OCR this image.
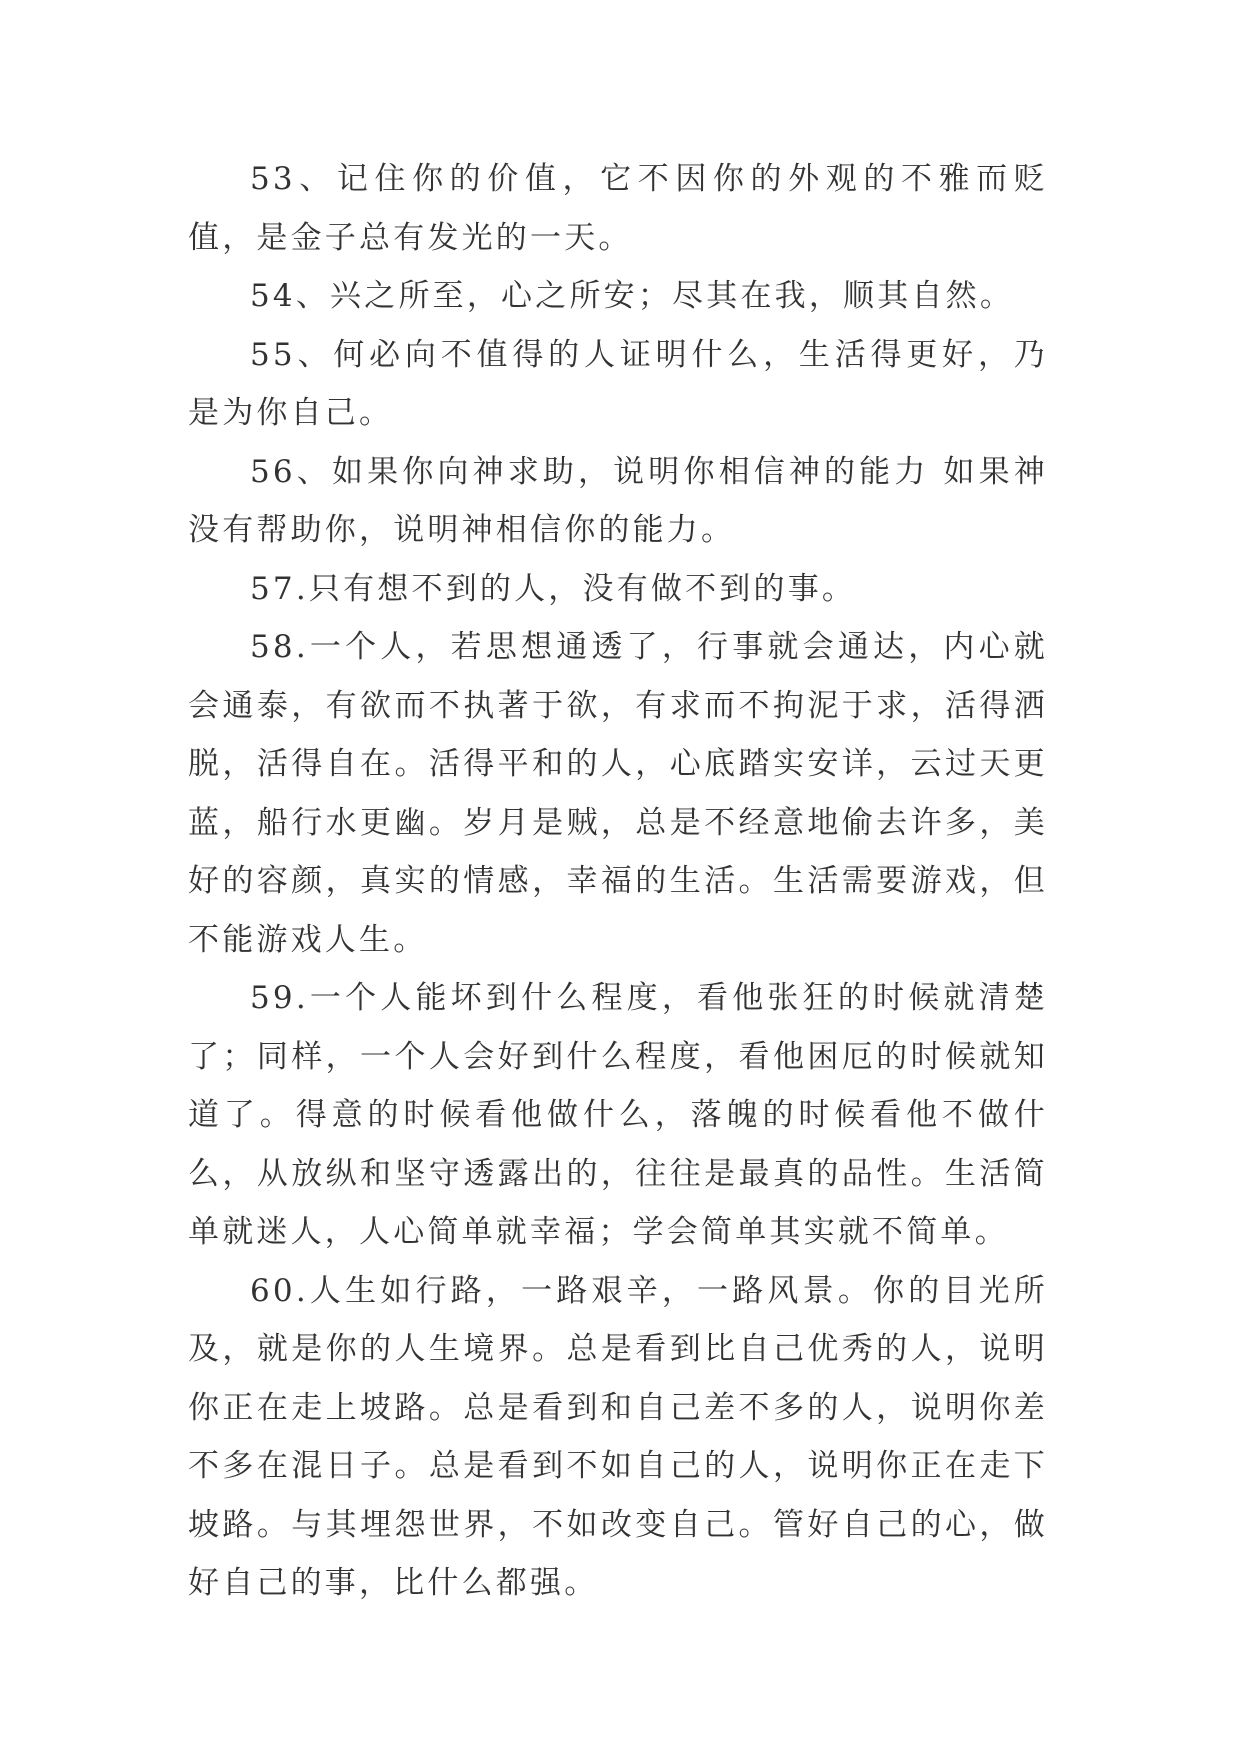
53、记住你的价值，它不因你的外观的不雅而贬值，是金子总有发光的一天。

54、兴之所至，心之所安；尽其在我，顺其自然。

55、何必向不值得的人证明什么，生活得更好，乃是为你自己。

56、如果你向神求助，说明你相信神的能力 如果神没有帮助你，说明神相信你的能力。

57.只有想不到的人，没有做不到的事。

58.一个人，若思想通透了，行事就会通达，内心就会通泰，有欲而不执著于欲，有求而不拘泥于求，活得洒脱，活得自在。活得平和的人，心底踏实安详，云过天更蓝，船行水更幽。岁月是贼，总是不经意地偷去许多，美好的容颜，真实的情感，幸福的生活。生活需要游戏，但不能游戏人生。

59.一个人能坏到什么程度，看他张狂的时候就清楚了；同样，一个人会好到什么程度，看他困厄的时候就知道了。得意的时候看他做什么，落魄的时候看他不做什么，从放纵和坚守透露出的，往往是最真的品性。生活简单就迷人，人心简单就幸福；学会简单其实就不简单。

60.人生如行路，一路艰辛，一路风景。你的目光所及，就是你的人生境界。总是看到比自己优秀的人，说明你正在走上坡路。总是看到和自己差不多的人，说明你差不多在混日子。总是看到不如自己的人，说明你正在走下坡路。与其埋怨世界，不如改变自己。管好自己的心，做好自己的事，比什么都强。
